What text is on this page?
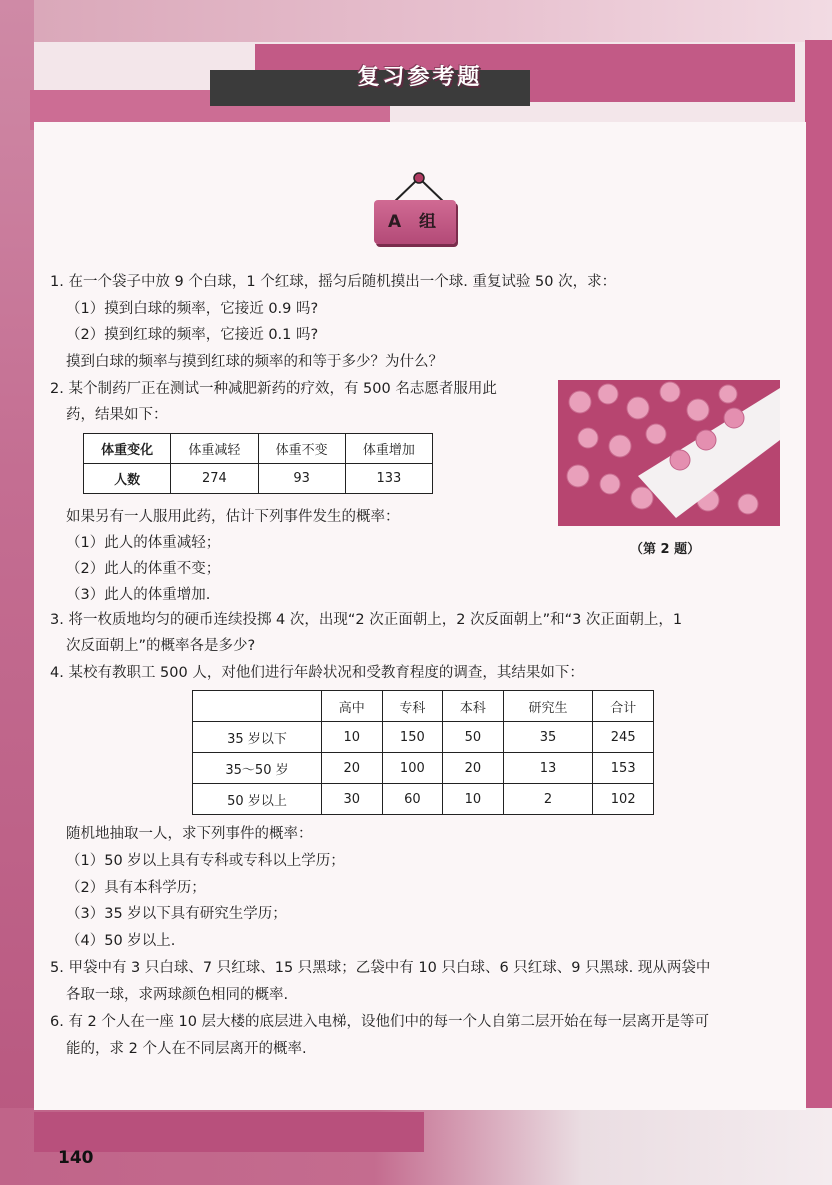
复习参考题
A 组
1. 在一个袋子中放 9 个白球，1 个红球，摇匀后随机摸出一个球. 重复试验 50 次，求：
（1）摸到白球的频率，它接近 0.9 吗?
（2）摸到红球的频率，它接近 0.1 吗?
摸到白球的频率与摸到红球的频率的和等于多少？为什么？
2. 某个制药厂正在测试一种减肥新药的疗效，有 500 名志愿者服用此
药，结果如下：
体重变化	体重减轻	体重不变	体重增加
人数	274	93	133
如果另有一人服用此药，估计下列事件发生的概率：
（1）此人的体重减轻；
（2）此人的体重不变；
（3）此人的体重增加.
（第 2 题）
3. 将一枚质地均匀的硬币连续投掷 4 次，出现“2 次正面朝上，2 次反面朝上”和“3 次正面朝上，1
次反面朝上”的概率各是多少?
4. 某校有教职工 500 人，对他们进行年龄状况和受教育程度的调查，其结果如下：
	高中	专科	本科	研究生	合计
35 岁以下	10	150	50	35	245
35～50 岁	20	100	20	13	153
50 岁以上	30	60	10	2	102
随机地抽取一人，求下列事件的概率：
（1）50 岁以上具有专科或专科以上学历；
（2）具有本科学历；
（3）35 岁以下具有研究生学历；
（4）50 岁以上.
5. 甲袋中有 3 只白球、7 只红球、15 只黑球；乙袋中有 10 只白球、6 只红球、9 只黑球. 现从两袋中
各取一球，求两球颜色相同的概率.
6. 有 2 个人在一座 10 层大楼的底层进入电梯，设他们中的每一个人自第二层开始在每一层离开是等可
能的，求 2 个人在不同层离开的概率.
140
